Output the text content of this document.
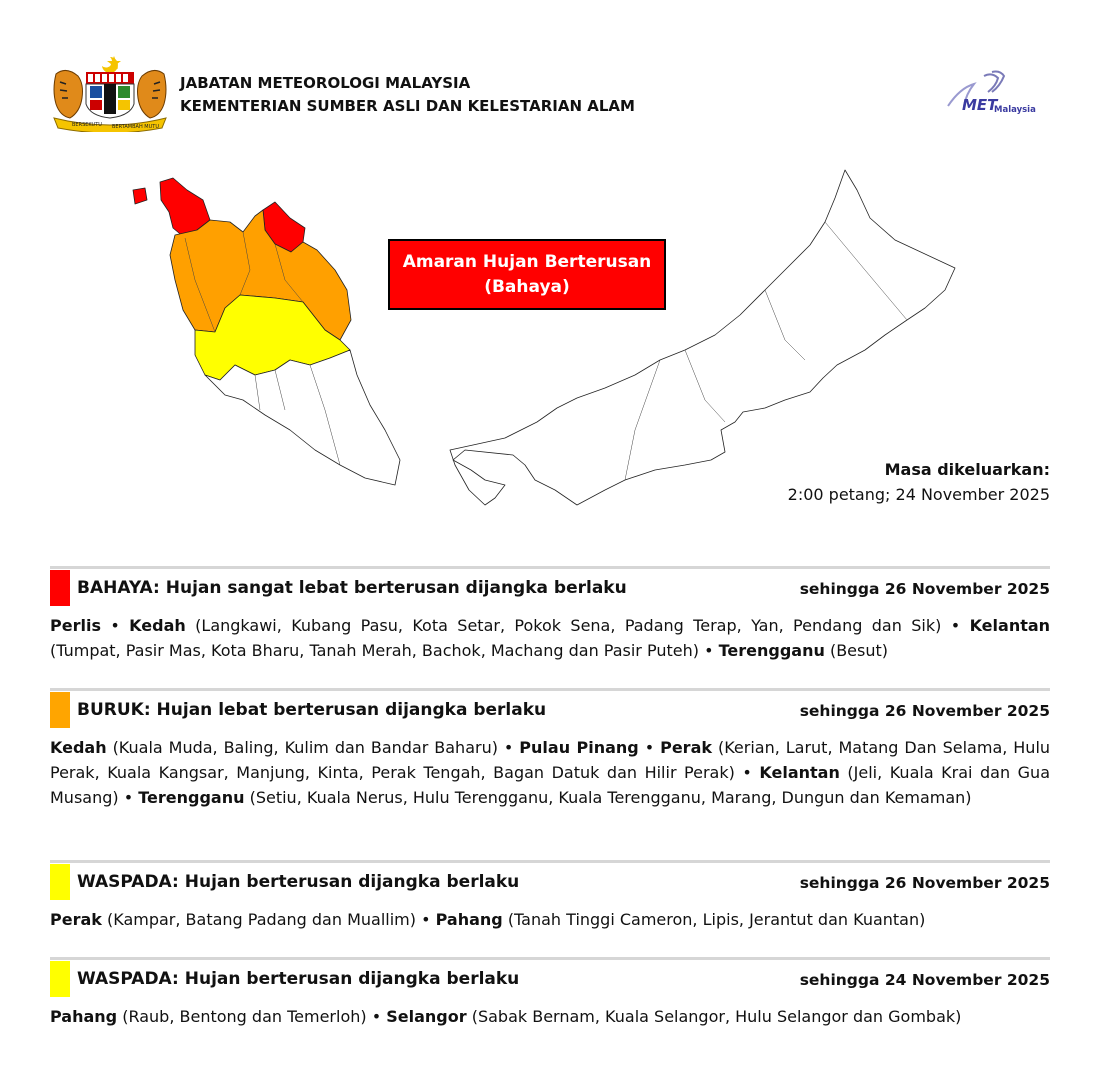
BERSEKUTU BERTAMBAH MUTU
JABATAN METEOROLOGI MALAYSIA
KEMENTERIAN SUMBER ASLI DAN KELESTARIAN ALAM	MET
Malaysia
Amaran Hujan Berterusan
(Bahaya)
Masa dikeluarkan:
2:00 petang; 24 November 2025
BAHAYA: Hujan sangat lebat berterusan dijangka berlaku	sehingga 26 November 2025
Perlis • Kedah (Langkawi, Kubang Pasu, Kota Setar, Pokok Sena, Padang Terap, Yan, Pendang dan Sik) • Kelantan (Tumpat, Pasir Mas, Kota Bharu, Tanah Merah, Bachok, Machang dan Pasir Puteh) • Terengganu (Besut)
BURUK: Hujan lebat berterusan dijangka berlaku	sehingga 26 November 2025
Kedah (Kuala Muda, Baling, Kulim dan Bandar Baharu) • Pulau Pinang • Perak (Kerian, Larut, Matang Dan Selama, Hulu Perak, Kuala Kangsar, Manjung, Kinta, Perak Tengah, Bagan Datuk dan Hilir Perak) • Kelantan (Jeli, Kuala Krai dan Gua Musang) • Terengganu (Setiu, Kuala Nerus, Hulu Terengganu, Kuala Terengganu, Marang, Dungun dan Kemaman)
WASPADA: Hujan berterusan dijangka berlaku	sehingga 26 November 2025
Perak (Kampar, Batang Padang dan Muallim) • Pahang (Tanah Tinggi Cameron, Lipis, Jerantut dan Kuantan)
WASPADA: Hujan berterusan dijangka berlaku	sehingga 24 November 2025
Pahang (Raub, Bentong dan Temerloh) • Selangor (Sabak Bernam, Kuala Selangor, Hulu Selangor dan Gombak)
